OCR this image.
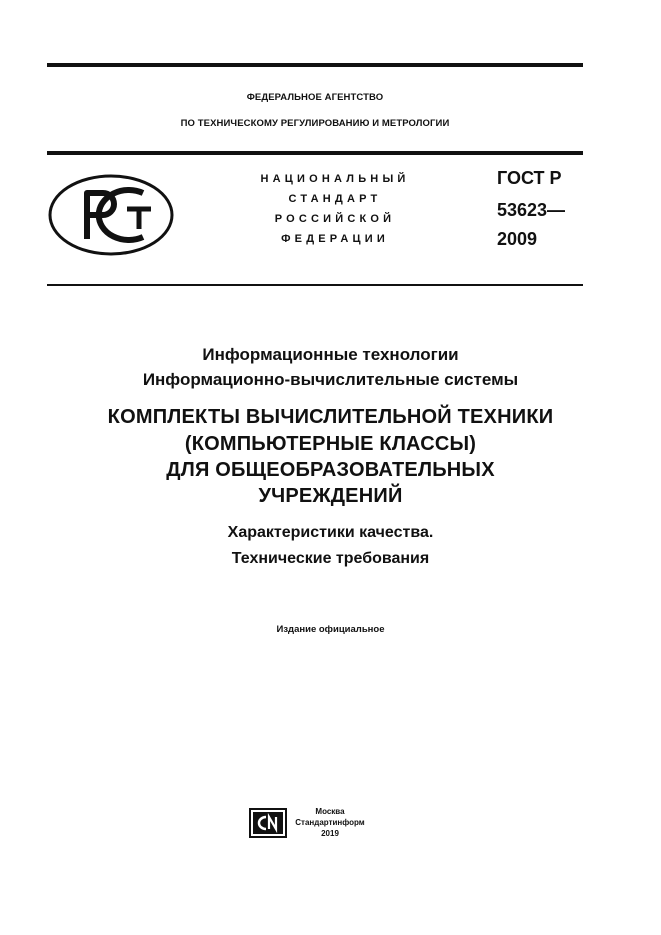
ФЕДЕРАЛЬНОЕ АГЕНТСТВО
ПО ТЕХНИЧЕСКОМУ РЕГУЛИРОВАНИЮ И МЕТРОЛОГИИ
НАЦИОНАЛЬНЫЙ
СТАНДАРТ
РОССИЙСКОЙ
ФЕДЕРАЦИИ
ГОСТ Р
53623—
2009
Информационные технологии
Информационно-вычислительные системы
КОМПЛЕКТЫ ВЫЧИСЛИТЕЛЬНОЙ ТЕХНИКИ
(КОМПЬЮТЕРНЫЕ КЛАССЫ)
ДЛЯ ОБЩЕОБРАЗОВАТЕЛЬНЫХ
УЧРЕЖДЕНИЙ
Характеристики качества.
Технические требования
Издание официальное
Москва
Стандартинформ
2019
